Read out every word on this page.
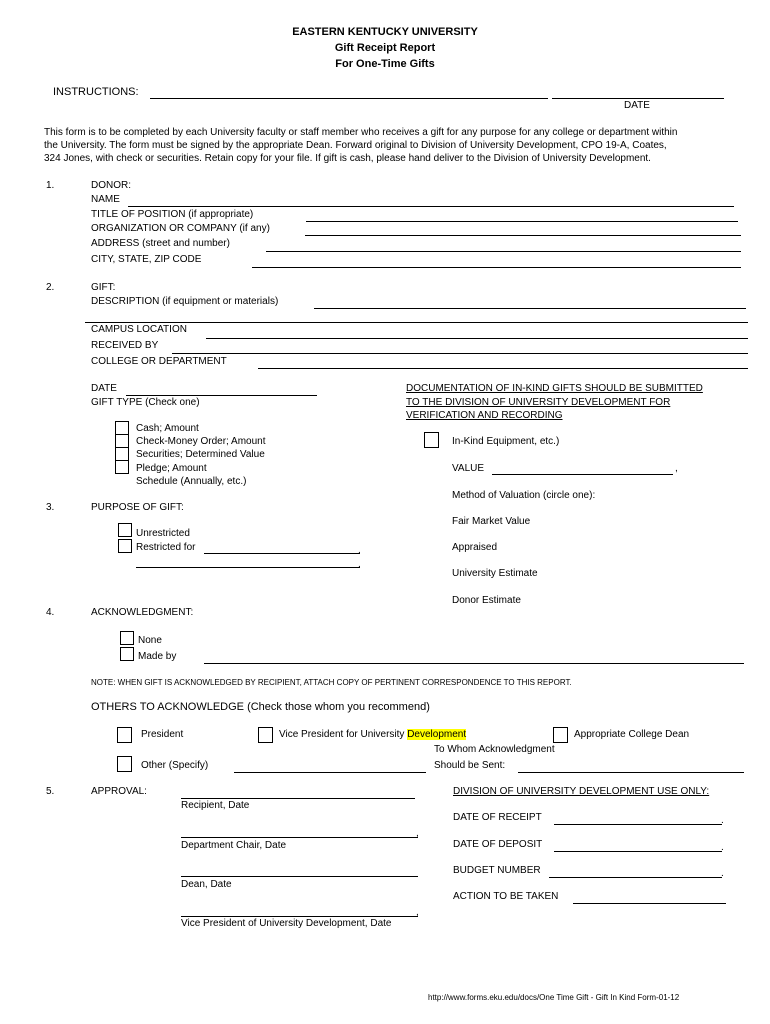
EASTERN KENTUCKY UNIVERSITY
Gift Receipt Report
For One-Time Gifts
INSTRUCTIONS:
DATE
This form is to be completed by each University faculty or staff member who receives a gift for any purpose for any college or department within
the University. The form must be signed by the appropriate Dean. Forward original to Division of University Development, CPO 19-A, Coates,
324 Jones, with check or securities. Retain copy for your file. If gift is cash, please hand deliver to the Division of University Development.
1.	DONOR:
NAME
TITLE OF POSITION (if appropriate)
ORGANIZATION OR COMPANY (if any)
ADDRESS (street and number)
CITY, STATE, ZIP CODE
2.	GIFT:
DESCRIPTION (if equipment or materials)
CAMPUS LOCATION
RECEIVED BY
COLLEGE OR DEPARTMENT
DATE
GIFT TYPE (Check one)
Cash; Amount
Check-Money Order; Amount
Securities; Determined Value
Pledge; Amount
Schedule (Annually, etc.)
DOCUMENTATION OF IN-KIND GIFTS SHOULD BE SUBMITTED
TO THE DIVISION OF UNIVERSITY DEVELOPMENT FOR
VERIFICATION AND RECORDING
In-Kind Equipment, etc.)
VALUE	,
Method of Valuation (circle one):
Fair Market Value
Appraised
University Estimate
Donor Estimate
3.	PURPOSE OF GIFT:
Unrestricted
Restricted for	.
.
4.	ACKNOWLEDGMENT:
None
Made by
NOTE: WHEN GIFT IS ACKNOWLEDGED BY RECIPIENT, ATTACH COPY OF PERTINENT CORRESPONDENCE TO THIS REPORT.
OTHERS TO ACKNOWLEDGE (Check those whom you recommend)
President	Vice President for University Development	Appropriate College Dean
To Whom Acknowledgment
Other (Specify)	Should be Sent:
5.	APPROVAL:
Recipient, Date
,
Department Chair, Date
Dean, Date
,
Vice President of University Development, Date
DIVISION OF UNIVERSITY DEVELOPMENT USE ONLY:
DATE OF RECEIPT	.
DATE OF DEPOSIT	.
BUDGET NUMBER	.
ACTION TO BE TAKEN
http://www.forms.eku.edu/docs/One Time Gift - Gift In Kind Form-01-12
